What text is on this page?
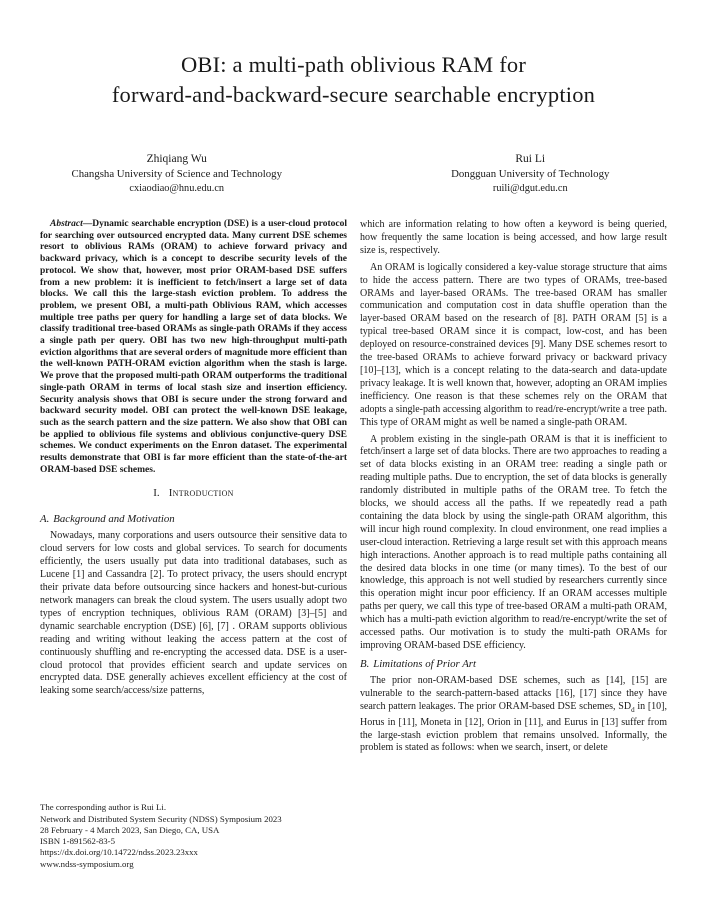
OBI: a multi-path oblivious RAM for
forward-and-backward-secure searchable encryption
Zhiqiang Wu
Changsha University of Science and Technology
cxiaodiao@hnu.edu.cn
Rui Li
Dongguan University of Technology
ruili@dgut.edu.cn

Abstract—Dynamic searchable encryption (DSE) is a user-cloud protocol for searching over outsourced encrypted data. Many current DSE schemes resort to oblivious RAMs (ORAM) to achieve forward privacy and backward privacy, which is a concept to describe security levels of the protocol. We show that, however, most prior ORAM-based DSE suffers from a new problem: it is inefficient to fetch/insert a large set of data blocks. We call this the large-stash eviction problem. To address the problem, we present OBI, a multi-path Oblivious RAM, which accesses multiple tree paths per query for handling a large set of data blocks. We classify traditional tree-based ORAMs as single-path ORAMs if they access a single path per query. OBI has two new high-throughput multi-path eviction algorithms that are several orders of magnitude more efficient than the well-known PATH-ORAM eviction algorithm when the stash is large. We prove that the proposed multi-path ORAM outperforms the traditional single-path ORAM in terms of local stash size and insertion efficiency. Security analysis shows that OBI is secure under the strong forward and backward security model. OBI can protect the well-known DSE leakage, such as the search pattern and the size pattern. We also show that OBI can be applied to oblivious file systems and oblivious conjunctive-query DSE schemes. We conduct experiments on the Enron dataset. The experimental results demonstrate that OBI is far more efficient than the state-of-the-art ORAM-based DSE schemes.

I. Introduction
A. Background and Motivation

Nowadays, many corporations and users outsource their sensitive data to cloud servers for low costs and global services. To search for documents efficiently, the users usually put data into traditional databases, such as Lucene [1] and Cassandra [2]. To protect privacy, the users should encrypt their private data before outsourcing since hackers and honest-but-curious network managers can break the cloud system. The users usually adopt two types of encryption techniques, oblivious RAM (ORAM) [3]–[5] and dynamic searchable encryption (DSE) [6], [7] . ORAM supports oblivious reading and writing without leaking the access pattern at the cost of continuously shuffling and re-encrypting the accessed data. DSE is a user-cloud protocol that provides efficient search and update services on encrypted data. DSE generally achieves excellent efficiency at the cost of leaking some search/access/size patterns,

The corresponding author is Rui Li.
Network and Distributed System Security (NDSS) Symposium 2023
28 February - 4 March 2023, San Diego, CA, USA
ISBN 1-891562-83-5
https://dx.doi.org/10.14722/ndss.2023.23xxx
www.ndss-symposium.org

which are information relating to how often a keyword is being queried, how frequently the same location is being accessed, and how large result size is, respectively.

An ORAM is logically considered a key-value storage structure that aims to hide the access pattern. There are two types of ORAMs, tree-based ORAMs and layer-based ORAMs. The tree-based ORAM has smaller communication and computation cost in data shuffle operation than the layer-based ORAM based on the research of [8]. PATH ORAM [5] is a typical tree-based ORAM since it is compact, low-cost, and has been deployed on resource-constrained devices [9]. Many DSE schemes resort to the tree-based ORAMs to achieve forward privacy or backward privacy [10]–[13], which is a concept relating to the data-search and data-update privacy leakage. It is well known that, however, adopting an ORAM implies inefficiency. One reason is that these schemes rely on the ORAM that adopts a single-path accessing algorithm to read/re-encrypt/write a tree path. This type of ORAM might as well be named a single-path ORAM.

A problem existing in the single-path ORAM is that it is inefficient to fetch/insert a large set of data blocks. There are two approaches to reading a set of data blocks existing in an ORAM tree: reading a single path or reading multiple paths. Due to encryption, the set of data blocks is generally randomly distributed in multiple paths of the ORAM tree. To fetch the blocks, we should access all the paths. If we repeatedly read a path containing the data block by using the single-path ORAM algorithm, this will incur high round complexity. In cloud environment, one read implies a user-cloud interaction. Retrieving a large result set with this approach means high interactions. Another approach is to read multiple paths containing all the desired data blocks in one time (or many times). To the best of our knowledge, this approach is not well studied by researchers currently since this operation might incur poor efficiency. If an ORAM accesses multiple paths per query, we call this type of tree-based ORAM a multi-path ORAM, which has a multi-path eviction algorithm to read/re-encrypt/write the set of accessed paths. Our motivation is to study the multi-path ORAMs for improving ORAM-based DSE efficiency.

B. Limitations of Prior Art

The prior non-ORAM-based DSE schemes, such as [14], [15] are vulnerable to the search-pattern-based attacks [16], [17] since they have search pattern leakages. The prior ORAM-based DSE schemes, $SD_d$ in [10], Horus in [11], Moneta in [12], Orion in [11], and Eurus in [13] suffer from the large-stash eviction problem that remains unsolved. Informally, the problem is stated as follows: when we search, insert, or delete
